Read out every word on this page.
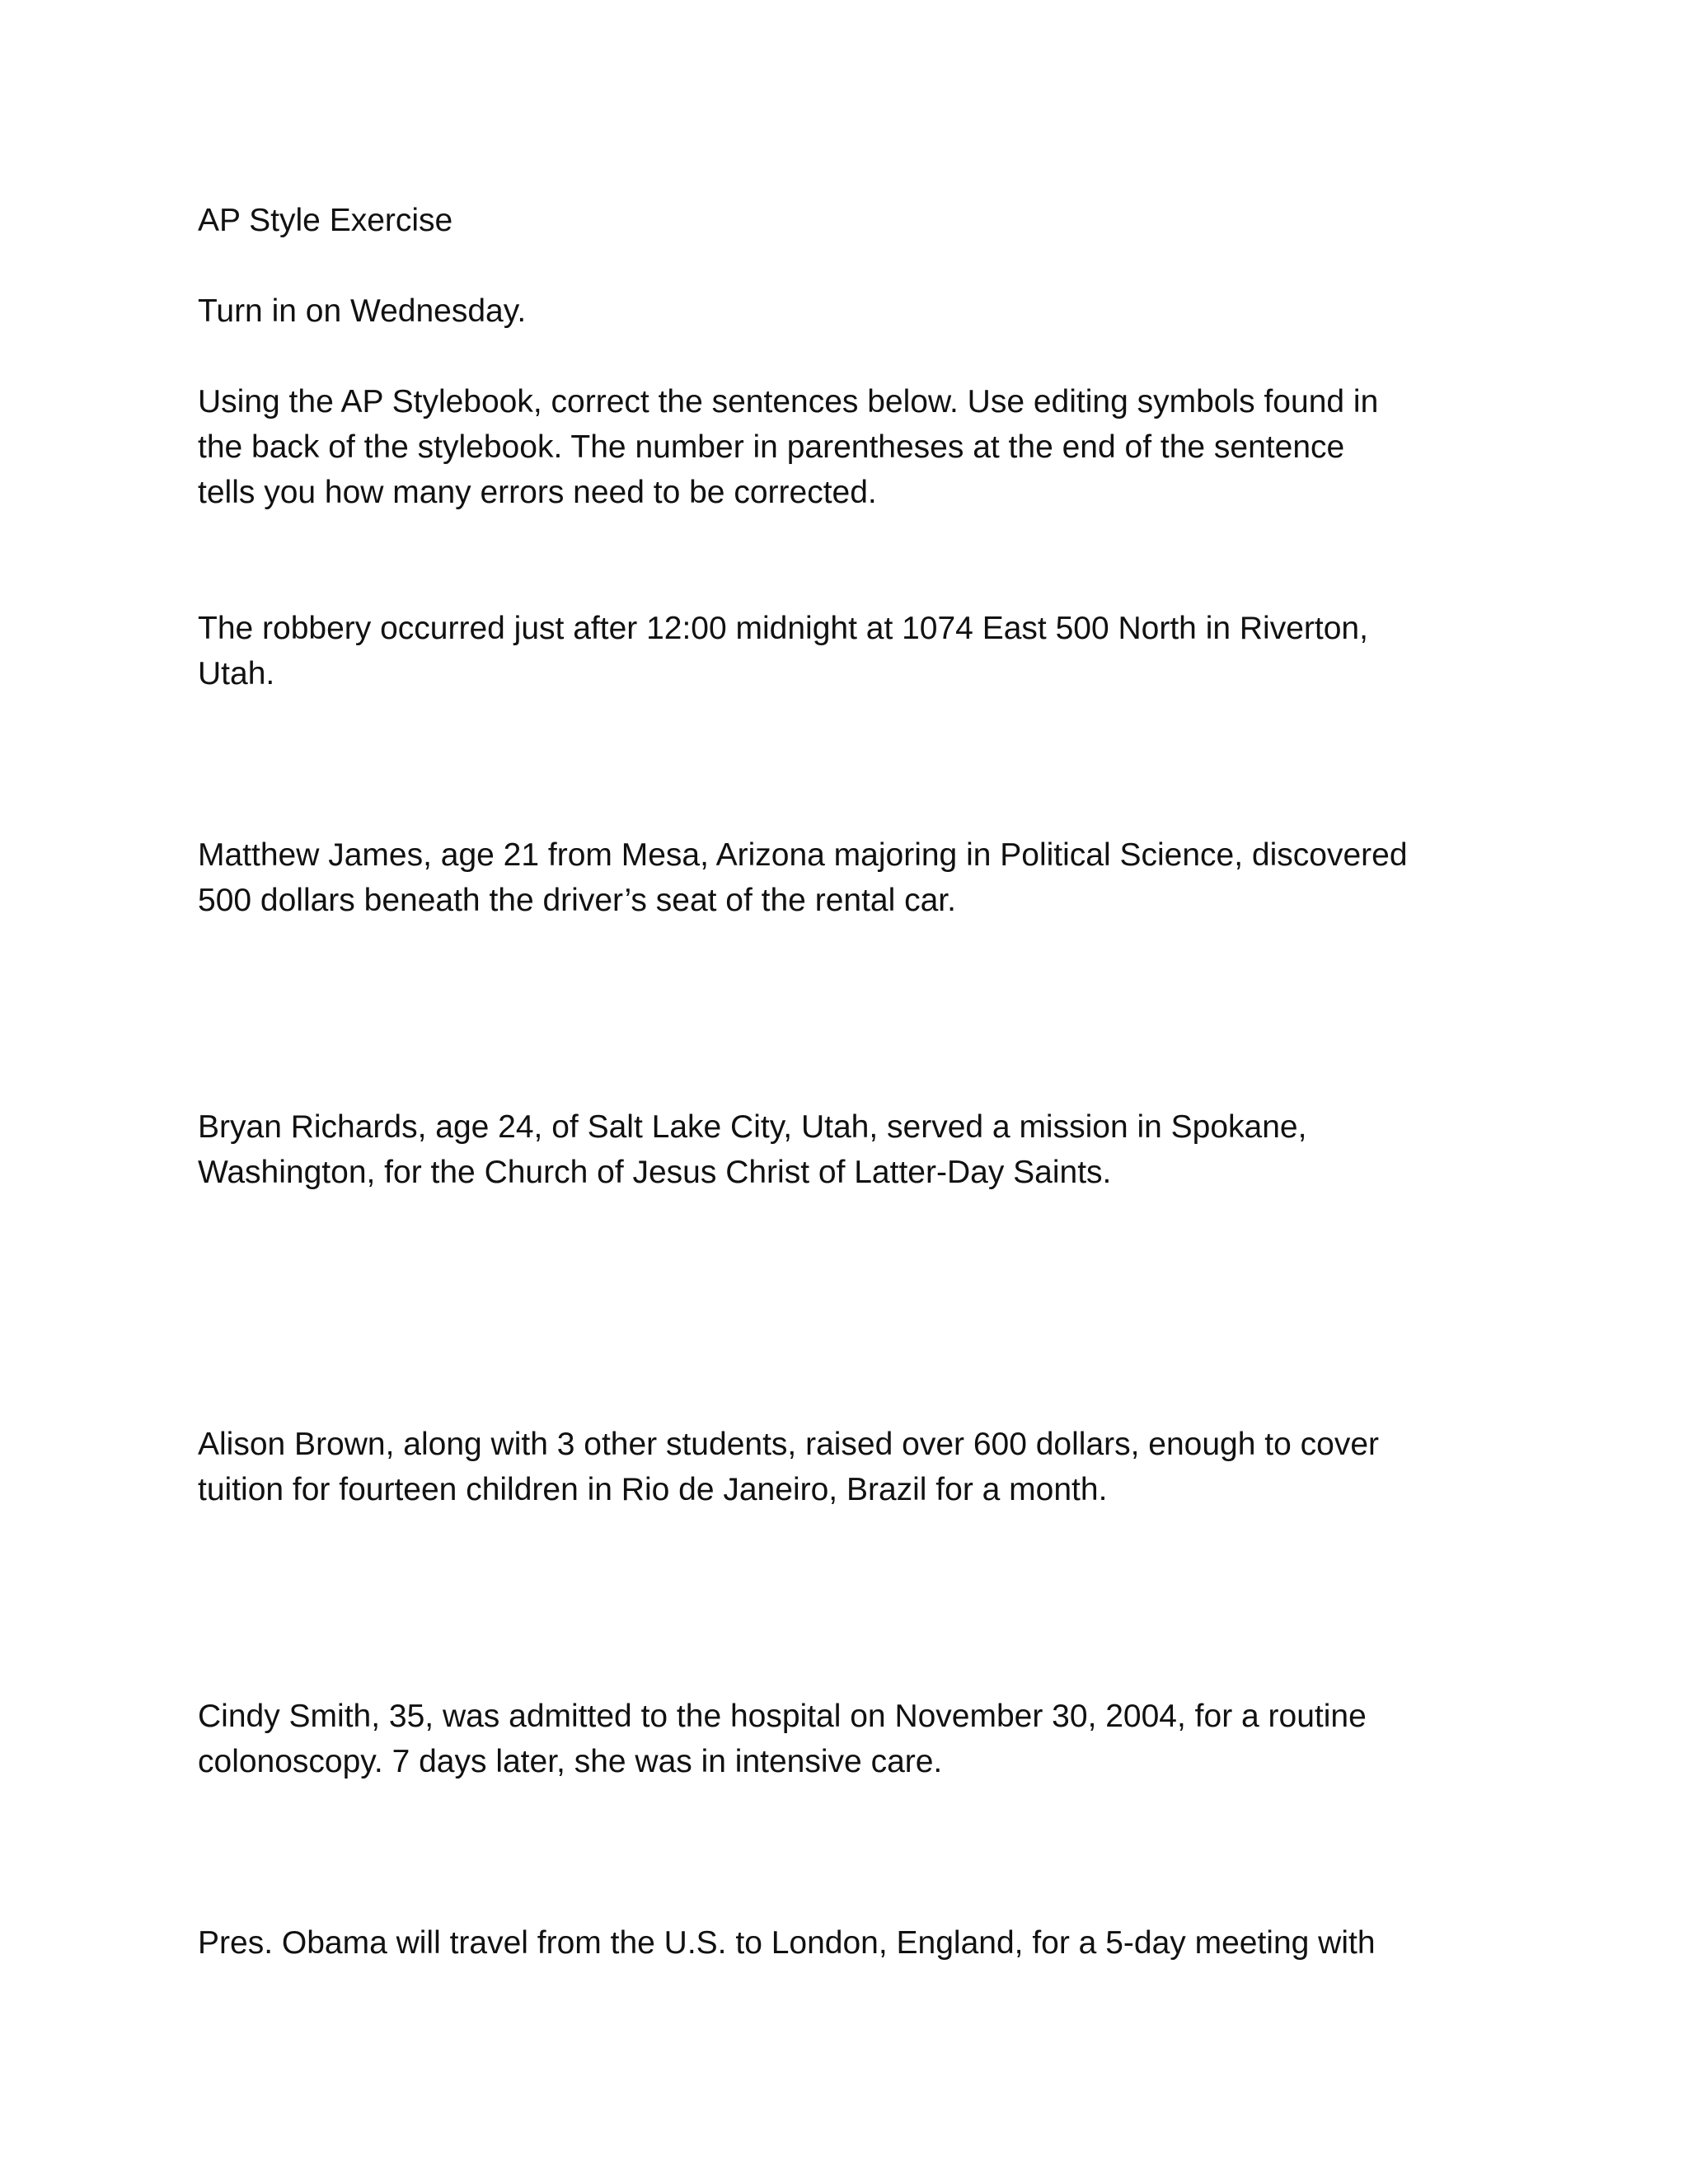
AP Style Exercise

Turn in on Wednesday.

Using the AP Stylebook, correct the sentences below. Use editing symbols found in

the back of the stylebook. The number in parentheses at the end of the sentence

tells you how many errors need to be corrected.

The robbery occurred just after 12:00 midnight at 1074 East 500 North in Riverton,

Utah.

Matthew James, age 21 from Mesa, Arizona majoring in Political Science, discovered

500 dollars beneath the driver’s seat of the rental car.

Bryan Richards, age 24, of Salt Lake City, Utah, served a mission in Spokane,

Washington, for the Church of Jesus Christ of Latter-Day Saints.

Alison Brown, along with 3 other students, raised over 600 dollars, enough to cover

tuition for fourteen children in Rio de Janeiro, Brazil for a month.

Cindy Smith, 35, was admitted to the hospital on November 30, 2004, for a routine

colonoscopy. 7 days later, she was in intensive care.

Pres. Obama will travel from the U.S. to London, England, for a 5-day meeting with
